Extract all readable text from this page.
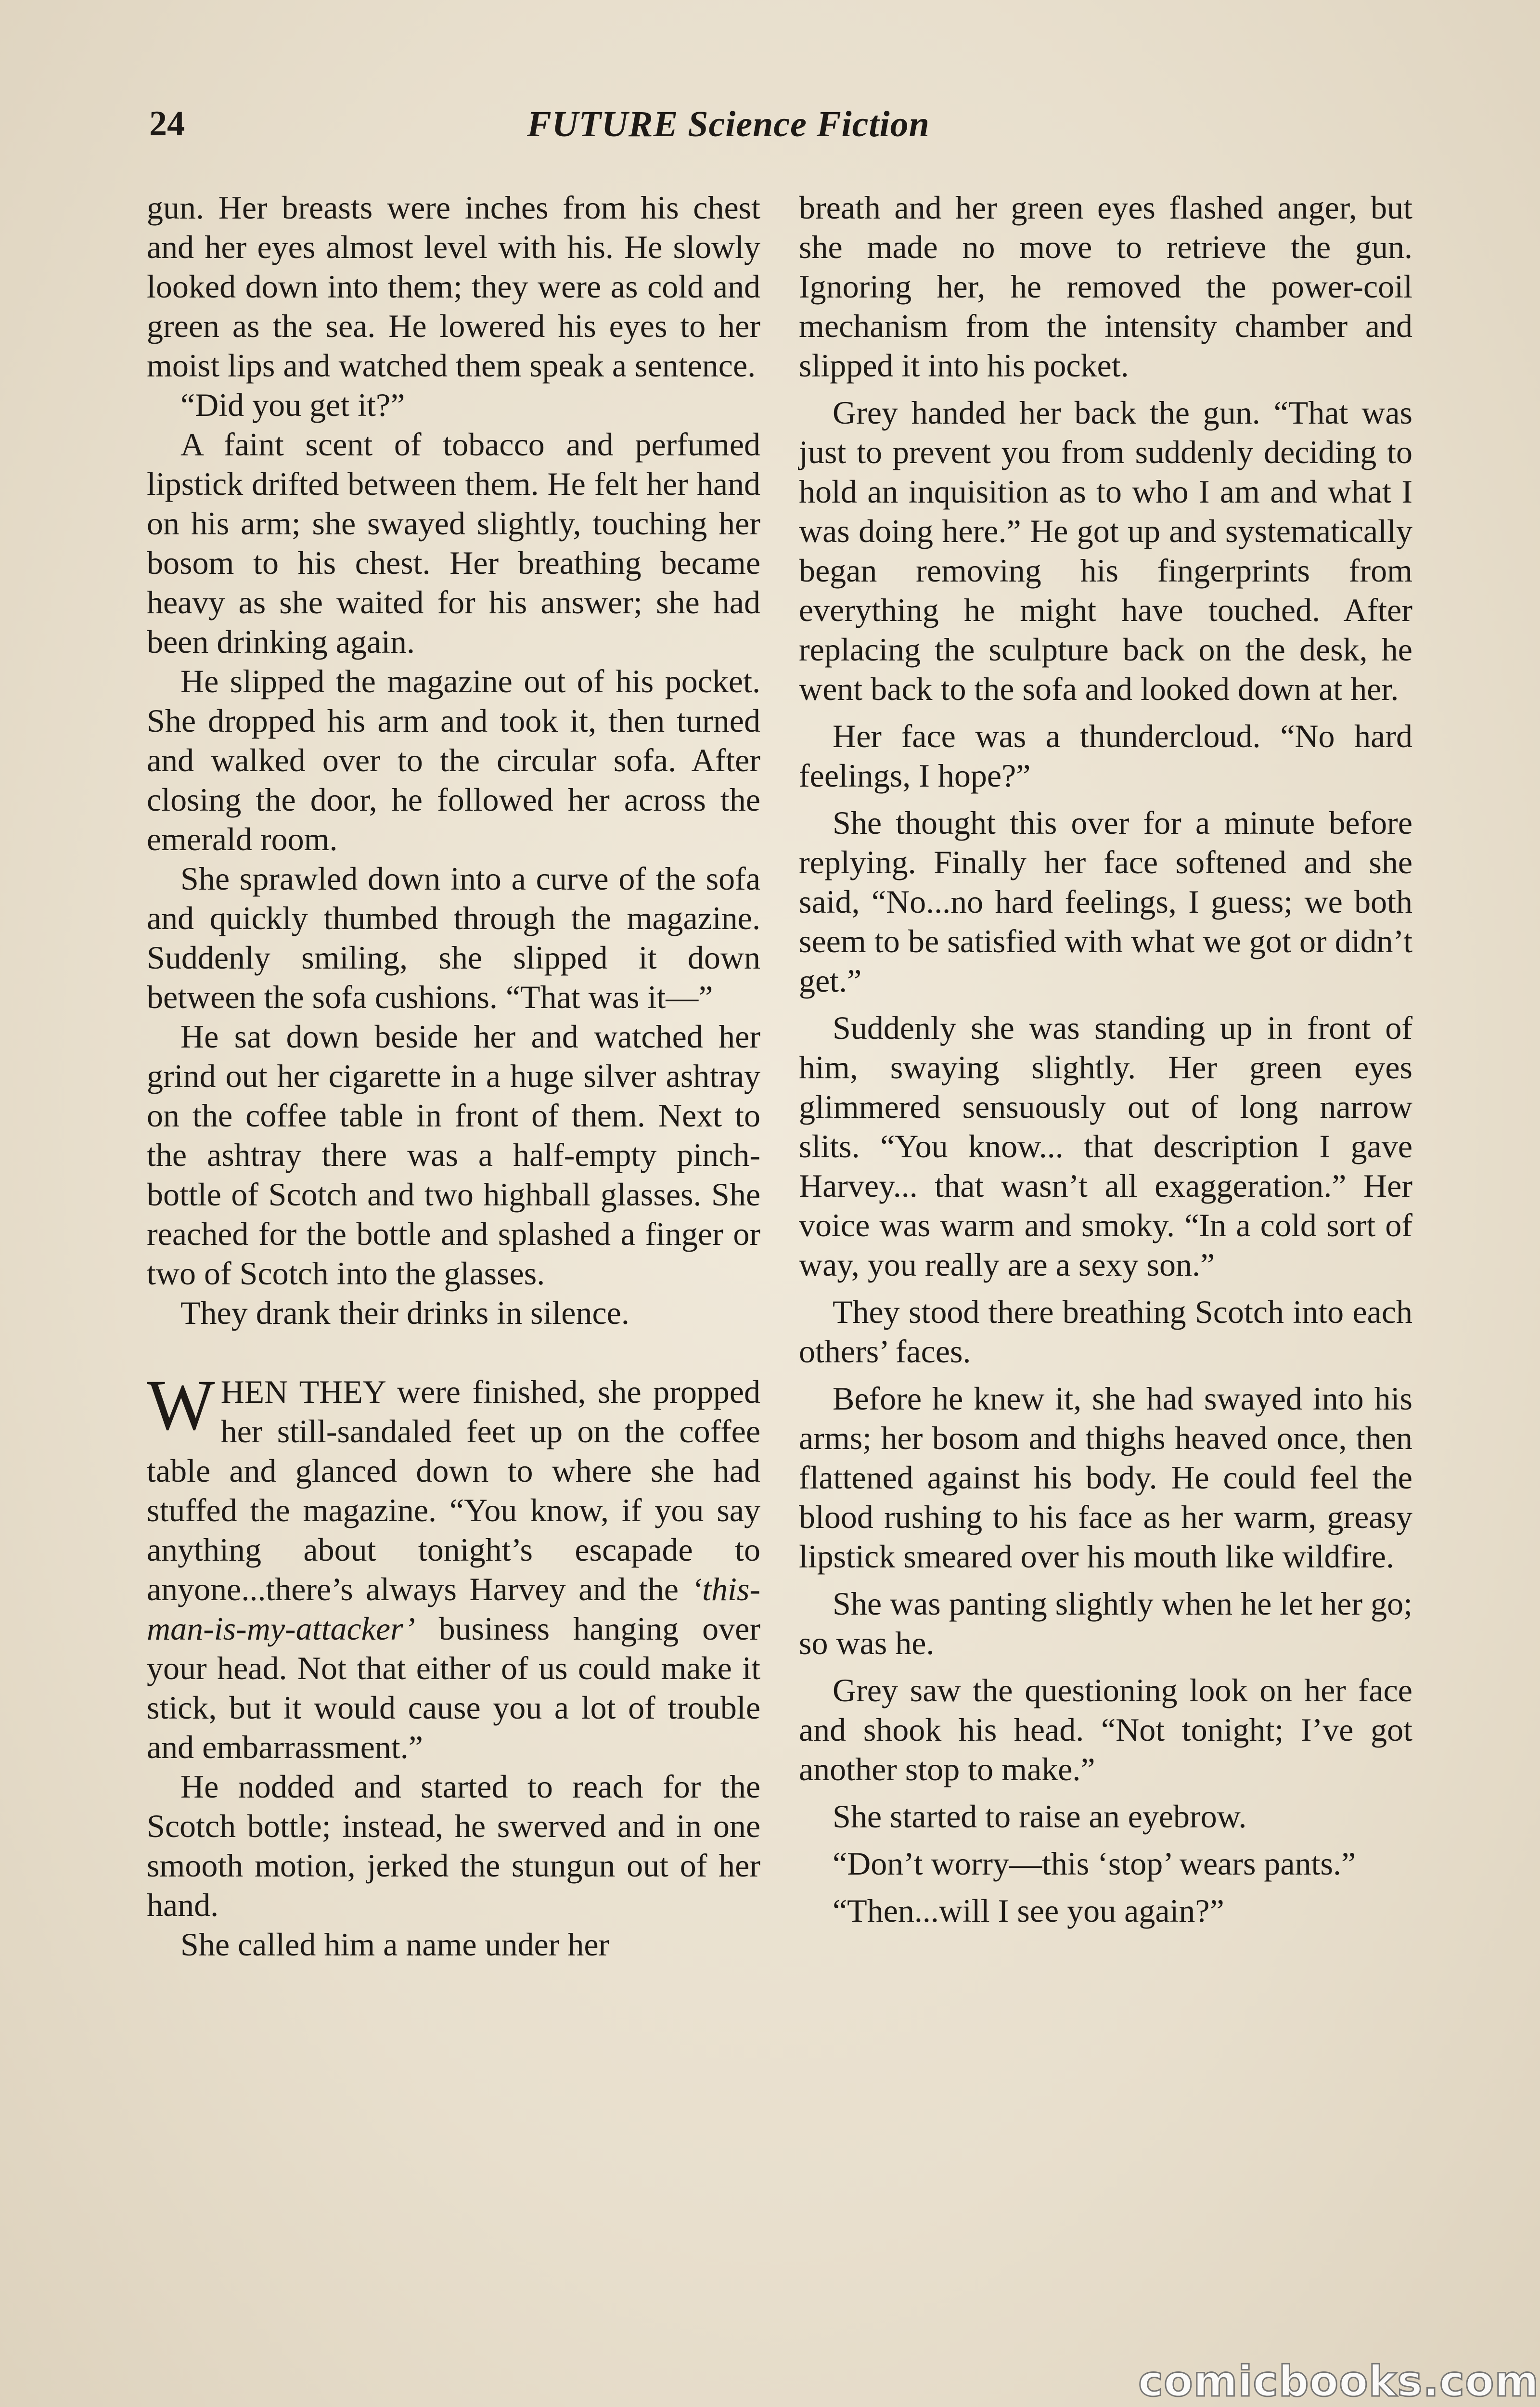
24	FUTURE Science Fiction

gun. Her breasts were inches from his chest and her eyes almost level with his. He slowly looked down into them; they were as cold and green as the sea. He lowered his eyes to her moist lips and watched them speak a sentence.

“Did you get it?”

A faint scent of tobacco and perfumed lipstick drifted between them. He felt her hand on his arm; she swayed slightly, touching her bosom to his chest. Her breathing became heavy as she waited for his answer; she had been drinking again.

He slipped the magazine out of his pocket. She dropped his arm and took it, then turned and walked over to the circular sofa. After closing the door, he followed her across the emerald room.

She sprawled down into a curve of the sofa and quickly thumbed through the magazine. Suddenly smiling, she slipped it down between the sofa cushions. “That was it—”

He sat down beside her and watched her grind out her cigarette in a huge silver ashtray on the coffee table in front of them. Next to the ashtray there was a half-empty pinch-bottle of Scotch and two highball glasses. She reached for the bottle and splashed a finger or two of Scotch into the glasses.

They drank their drinks in silence.

WHEN THEY were finished, she propped her still-sandaled feet up on the coffee table and glanced down to where she had stuffed the magazine. “You know, if you say anything about tonight’s escapade to anyone...there’s always Harvey and the ‘this-man-is-my-attacker’ business hanging over your head. Not that either of us could make it stick, but it would cause you a lot of trouble and embarrassment.”

He nodded and started to reach for the Scotch bottle; instead, he swerved and in one smooth motion, jerked the stungun out of her hand.

She called him a name under her

breath and her green eyes flashed anger, but she made no move to retrieve the gun. Ignoring her, he removed the power-coil mechanism from the intensity chamber and slipped it into his pocket.

Grey handed her back the gun. “That was just to prevent you from suddenly deciding to hold an inquisition as to who I am and what I was doing here.” He got up and systematically began removing his fingerprints from everything he might have touched. After replacing the sculpture back on the desk, he went back to the sofa and looked down at her.

Her face was a thundercloud. “No hard feelings, I hope?”

She thought this over for a minute before replying. Finally her face softened and she said, “No...no hard feelings, I guess; we both seem to be satisfied with what we got or didn’t get.”

Suddenly she was standing up in front of him, swaying slightly. Her green eyes glimmered sensuously out of long narrow slits. “You know... that description I gave Harvey... that wasn’t all exaggeration.” Her voice was warm and smoky. “In a cold sort of way, you really are a sexy son.”

They stood there breathing Scotch into each others’ faces.

Before he knew it, she had swayed into his arms; her bosom and thighs heaved once, then flattened against his body. He could feel the blood rushing to his face as her warm, greasy lipstick smeared over his mouth like wildfire.

She was panting slightly when he let her go; so was he.

Grey saw the questioning look on her face and shook his head. “Not tonight; I’ve got another stop to make.”

She started to raise an eyebrow.

“Don’t worry—this ‘stop’ wears pants.”

“Then...will I see you again?”

comicbooks.com
